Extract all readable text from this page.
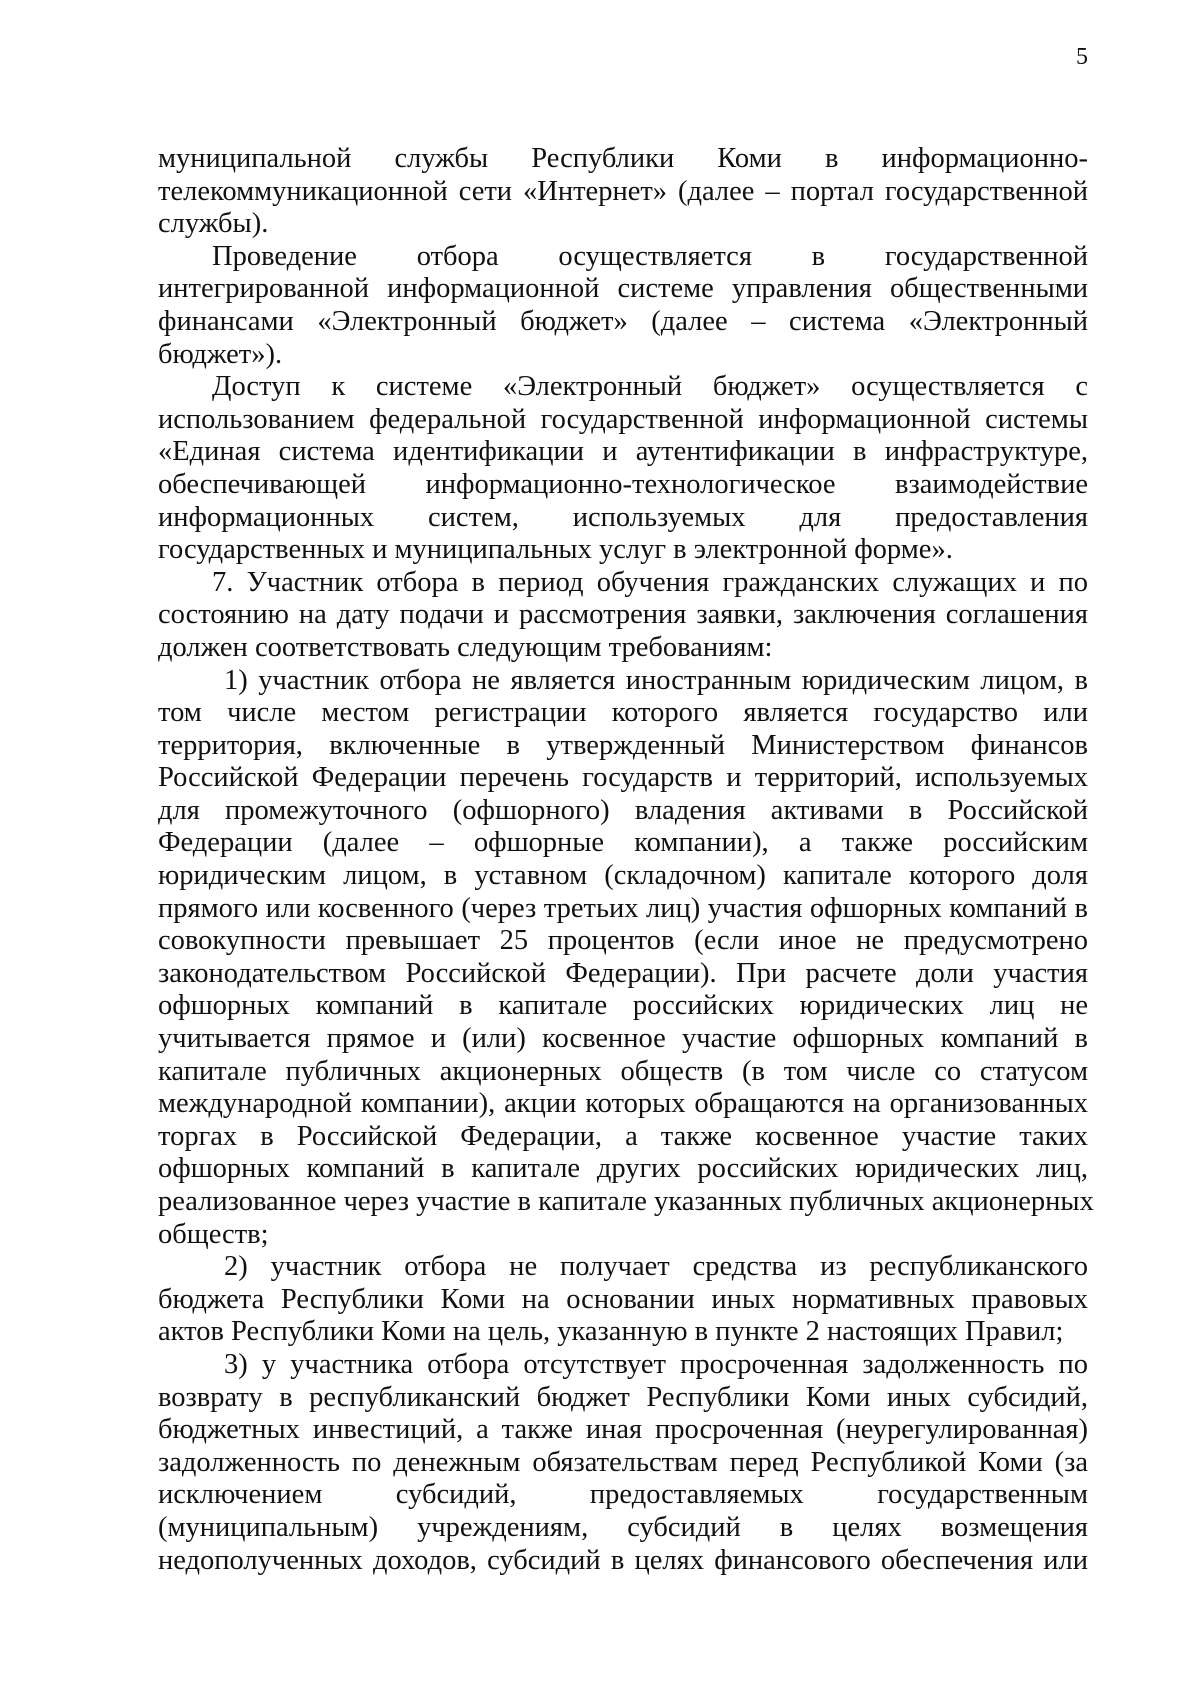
5
муниципальной службы Республики Коми в информационно-
телекоммуникационной сети «Интернет» (далее – портал государственной
службы).
Проведение отбора осуществляется в государственной
интегрированной информационной системе управления общественными
финансами «Электронный бюджет» (далее – система «Электронный
бюджет»).
Доступ к системе «Электронный бюджет» осуществляется с
использованием федеральной государственной информационной системы
«Единая система идентификации и аутентификации в инфраструктуре,
обеспечивающей информационно-технологическое взаимодействие
информационных систем, используемых для предоставления
государственных и муниципальных услуг в электронной форме».
7. Участник отбора в период обучения гражданских служащих и по
состоянию на дату подачи и рассмотрения заявки, заключения соглашения
должен соответствовать следующим требованиям:
1) участник отбора не является иностранным юридическим лицом, в
том числе местом регистрации которого является государство или
территория, включенные в утвержденный Министерством финансов
Российской Федерации перечень государств и территорий, используемых
для промежуточного (офшорного) владения активами в Российской
Федерации (далее – офшорные компании), а также российским
юридическим лицом, в уставном (складочном) капитале которого доля
прямого или косвенного (через третьих лиц) участия офшорных компаний в
совокупности превышает 25 процентов (если иное не предусмотрено
законодательством Российской Федерации). При расчете доли участия
офшорных компаний в капитале российских юридических лиц не
учитывается прямое и (или) косвенное участие офшорных компаний в
капитале публичных акционерных обществ (в том числе со статусом
международной компании), акции которых обращаются на организованных
торгах в Российской Федерации, а также косвенное участие таких
офшорных компаний в капитале других российских юридических лиц,
реализованное через участие в капитале указанных публичных акционерных
обществ;
2) участник отбора не получает средства из республиканского
бюджета Республики Коми на основании иных нормативных правовых
актов Республики Коми на цель, указанную в пункте 2 настоящих Правил;
3) у участника отбора отсутствует просроченная задолженность по
возврату в республиканский бюджет Республики Коми иных субсидий,
бюджетных инвестиций, а также иная просроченная (неурегулированная)
задолженность по денежным обязательствам перед Республикой Коми (за
исключением субсидий, предоставляемых государственным
(муниципальным) учреждениям, субсидий в целях возмещения
недополученных доходов, субсидий в целях финансового обеспечения или
